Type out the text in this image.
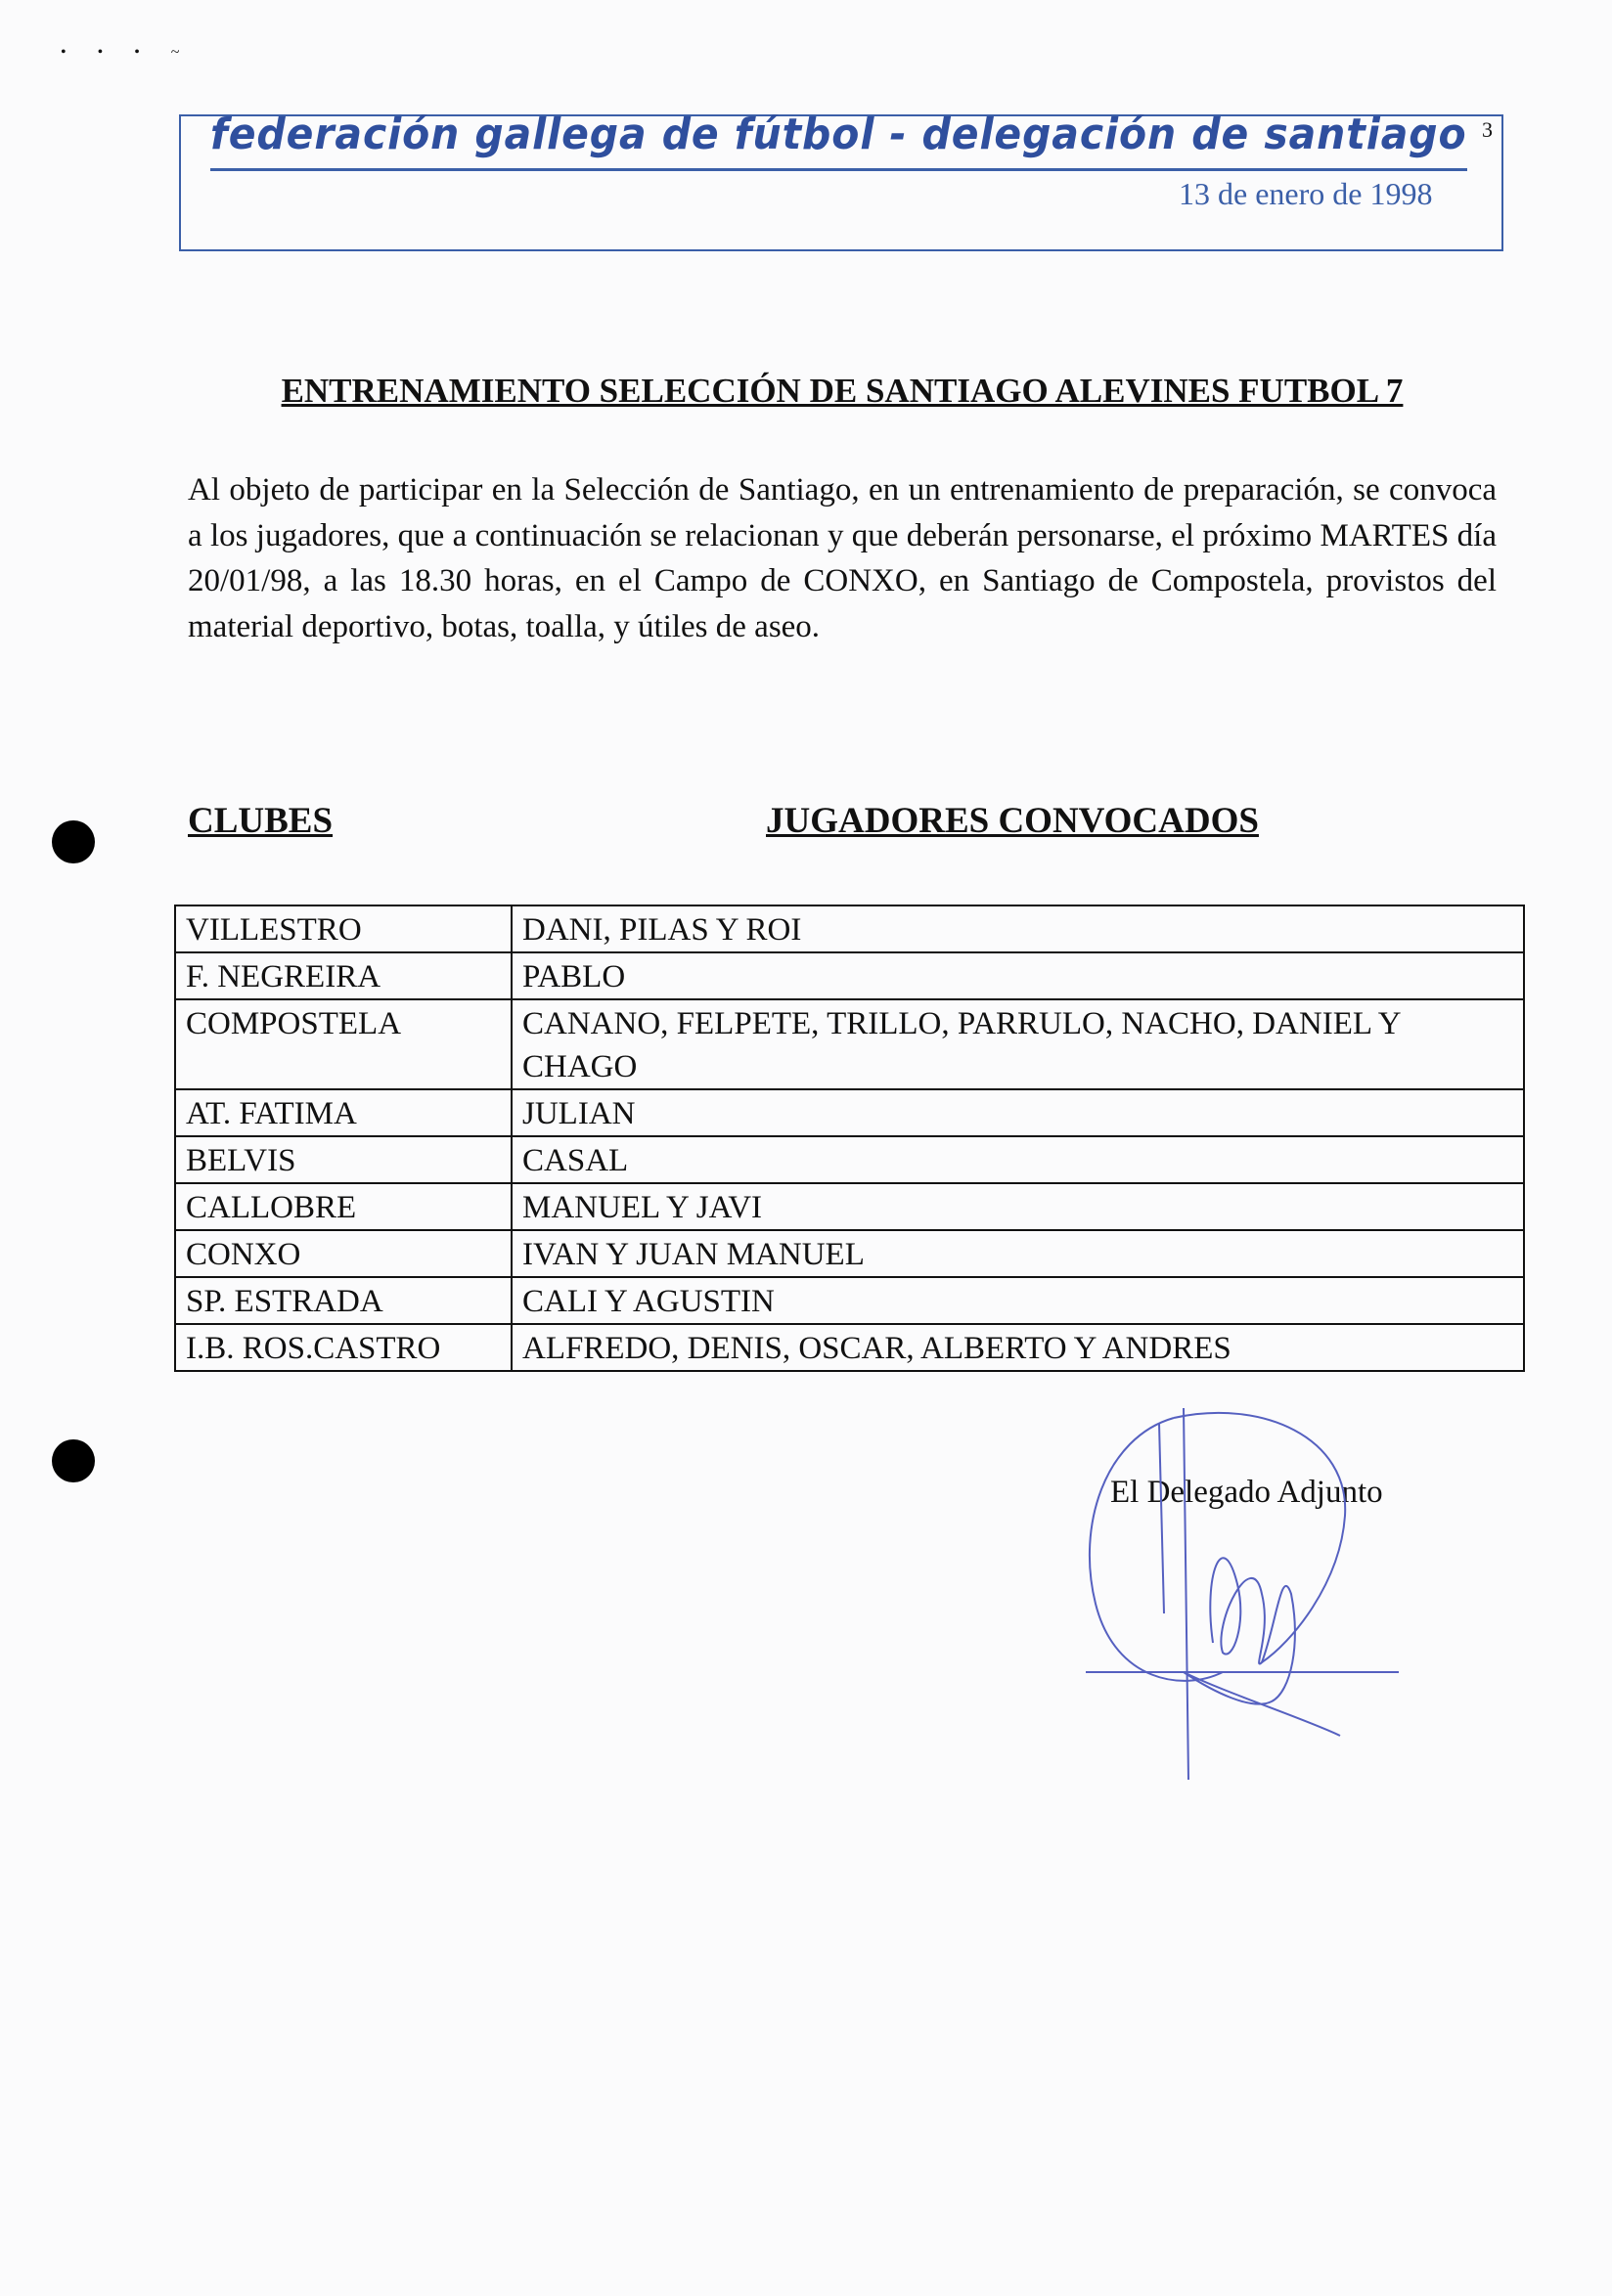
• • • ~
federación gallega de fútbol - delegación de santiago 3
13 de enero de 1998
ENTRENAMIENTO SELECCIÓN DE SANTIAGO ALEVINES FUTBOL 7
Al objeto de participar en la Selección de Santiago, en un entrenamiento de preparación, se convoca a los jugadores, que a continuación se relacionan y que deberán personarse, el próximo MARTES día 20/01/98, a las 18.30 horas, en el Campo de CONXO, en Santiago de Compostela, provistos del material deportivo, botas, toalla, y útiles de aseo.
CLUBES	JUGADORES CONVOCADOS
VILLESTRO	DANI, PILAS Y ROI
F. NEGREIRA	PABLO
COMPOSTELA	CANANO, FELPETE, TRILLO, PARRULO, NACHO, DANIEL Y CHAGO
AT. FATIMA	JULIAN
BELVIS	CASAL
CALLOBRE	MANUEL Y JAVI
CONXO	IVAN Y JUAN MANUEL
SP. ESTRADA	CALI Y AGUSTIN
I.B. ROS.CASTRO	ALFREDO, DENIS, OSCAR, ALBERTO Y ANDRES
El Delegado Adjunto
